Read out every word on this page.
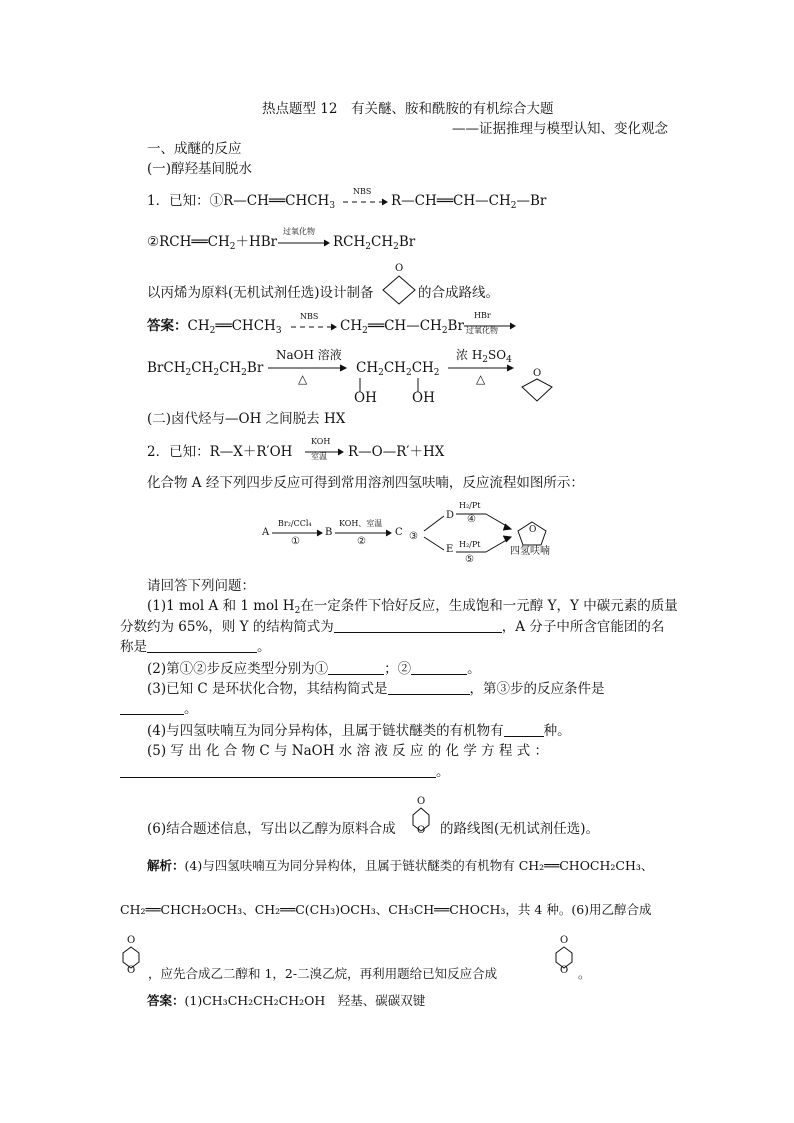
热点题型 12　有关醚、胺和酰胺的有机综合大题
——证据推理与模型认知、变化观念
一、成醚的反应
(一)醇羟基间脱水
1．已知：$①R—CH══CHCH_3$
NBS
$R—CH══CH—CH_2—Br$
$②RCH══CH_2+HBr$
过氧化物
$RCH_2CH_2Br$
以丙烯为原料(无机试剂任选)设计制备
O
的合成路线。
答案：$CH_2══CHCH_3$
NBS
$CH_2══CH—CH_2Br$
HBr
过氧化物
$BrCH_2CH_2CH_2Br$
NaOH 溶液
△
$CH_2CH_2CH_2$
OH	OH
浓 $H_2SO_4$
△	O
(二)卤代烃与—OH 之间脱去 HX
2．已知：R—X＋R′OH
KOH
室温 R—O—R′＋HX
化合物 A 经下列四步反应可得到常用溶剂四氢呋喃，反应流程如图所示：
A
Br₂/CCl₄
①
B
KOH、室温
②
C ③
D
E
H₂/Pt
④
H₂/Pt
⑤
O
四氢呋喃
请回答下列问题：
(1)1 mol A 和 1 mol $H_2$在一定条件下恰好反应，生成饱和一元醇 Y，Y 中碳元素的质量
分数约为 65%，则 Y 的结构简式为	，A 分子中所含官能团的名
称是	。
(2)第①②步反应类型分别为①	；②	。
(3)已知 C 是环状化合物，其结构简式是	，第③步的反应条件是
。
(4)与四氢呋喃互为同分异构体，且属于链状醚类的有机物有	种。
(5) 写 出 化 合 物 C 与 NaOH 水 溶 液 反 应 的 化 学 方 程 式 ：
。
(6)结合题述信息，写出以乙醇为原料合成
O
O 的路线图(无机试剂任选)。
解析：(4)与四氢呋喃互为同分异构体，且属于链状醚类的有机物有 CH₂══CHOCH₂CH₃、
CH₂══CHCH₂OCH₃、CH₂══C(CH₃)OCH₃、CH₃CH══CHOCH₃，共 4 种。(6)用乙醇合成
O
O ，应先合成乙二醇和 1，2-二溴乙烷，再利用题给已知反应合成
O
O 。
答案：(1)CH₃CH₂CH₂CH₂OH　羟基、碳碳双键
